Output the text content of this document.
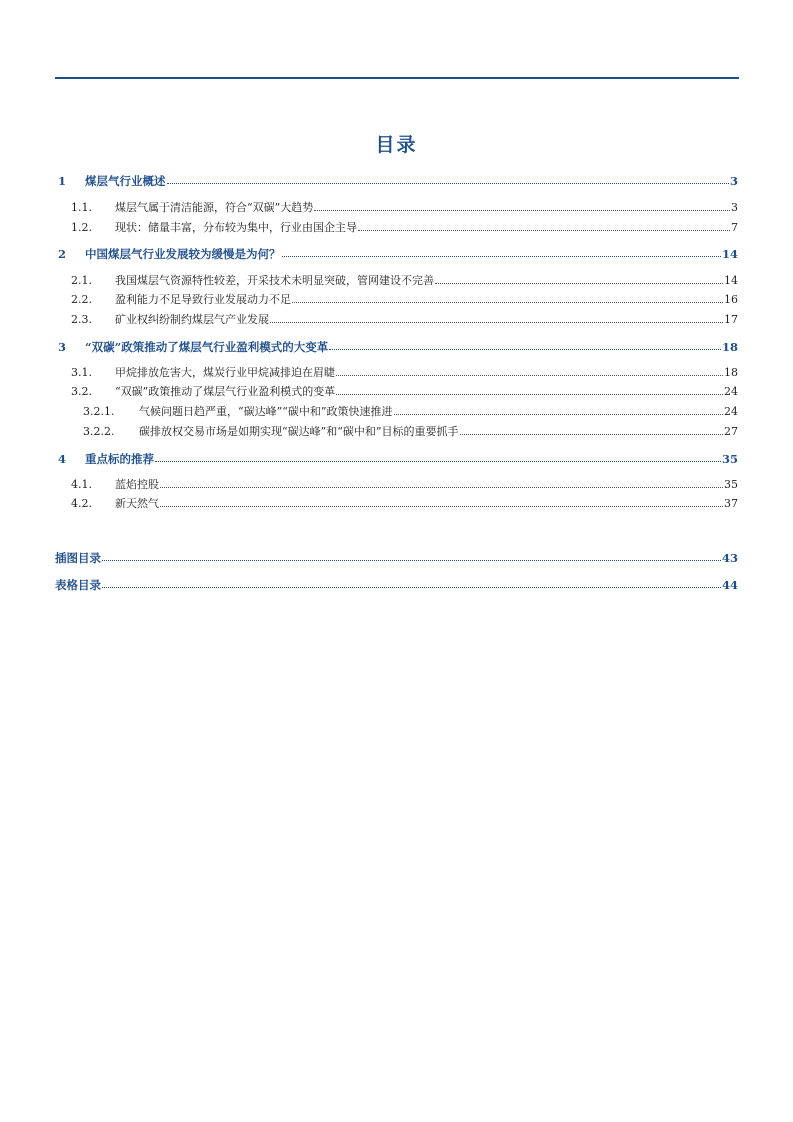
目录
1	煤层气行业概述	3
1.1.	煤层气属于清洁能源，符合“双碳”大趋势	3
1.2.	现状：储量丰富，分布较为集中，行业由国企主导	7
2	中国煤层气行业发展较为缓慢是为何？	14
2.1.	我国煤层气资源特性较差，开采技术未明显突破，管网建设不完善	14
2.2.	盈利能力不足导致行业发展动力不足	16
2.3.	矿业权纠纷制约煤层气产业发展	17
3	“双碳”政策推动了煤层气行业盈利模式的大变革	18
3.1.	甲烷排放危害大，煤炭行业甲烷减排迫在眉睫	18
3.2.	“双碳”政策推动了煤层气行业盈利模式的变革	24
3.2.1.	气候问题日趋严重，“碳达峰”“碳中和”政策快速推进	24
3.2.2.	碳排放权交易市场是如期实现“碳达峰”和“碳中和”目标的重要抓手	27
4	重点标的推荐	35
4.1.	蓝焰控股	35
4.2.	新天然气	37
插图目录	43
表格目录	44
